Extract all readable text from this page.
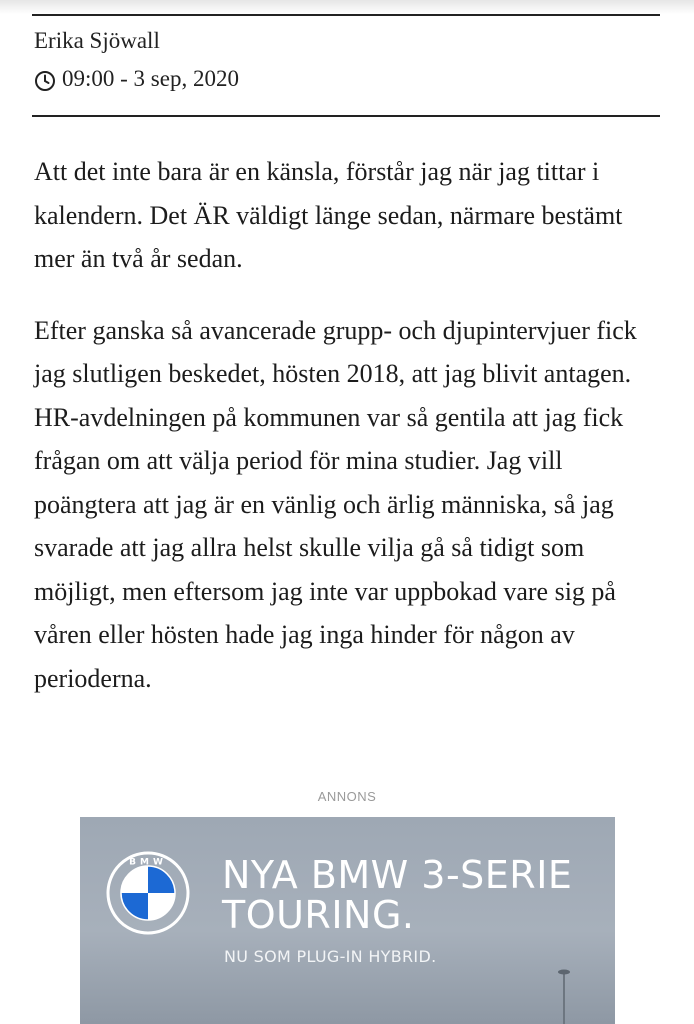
Erika Sjöwall
09:00 - 3 sep, 2020

Att det inte bara är en känsla, förstår jag när jag tittar i kalendern. Det ÄR väldigt länge sedan, närmare bestämt mer än två år sedan.

Efter ganska så avancerade grupp- och djupintervjuer fick jag slutligen beskedet, hösten 2018, att jag blivit antagen. HR-avdelningen på kommunen var så gentila att jag fick frågan om att välja period för mina studier. Jag vill poängtera att jag är en vänlig och ärlig människa, så jag svarade att jag allra helst skulle vilja gå så tidigt som möjligt, men eftersom jag inte var uppbokad vare sig på våren eller hösten hade jag inga hinder för någon av perioderna.

ANNONS
BMW NYA BMW 3-SERIE
TOURING.
NU SOM PLUG-IN HYBRID.
